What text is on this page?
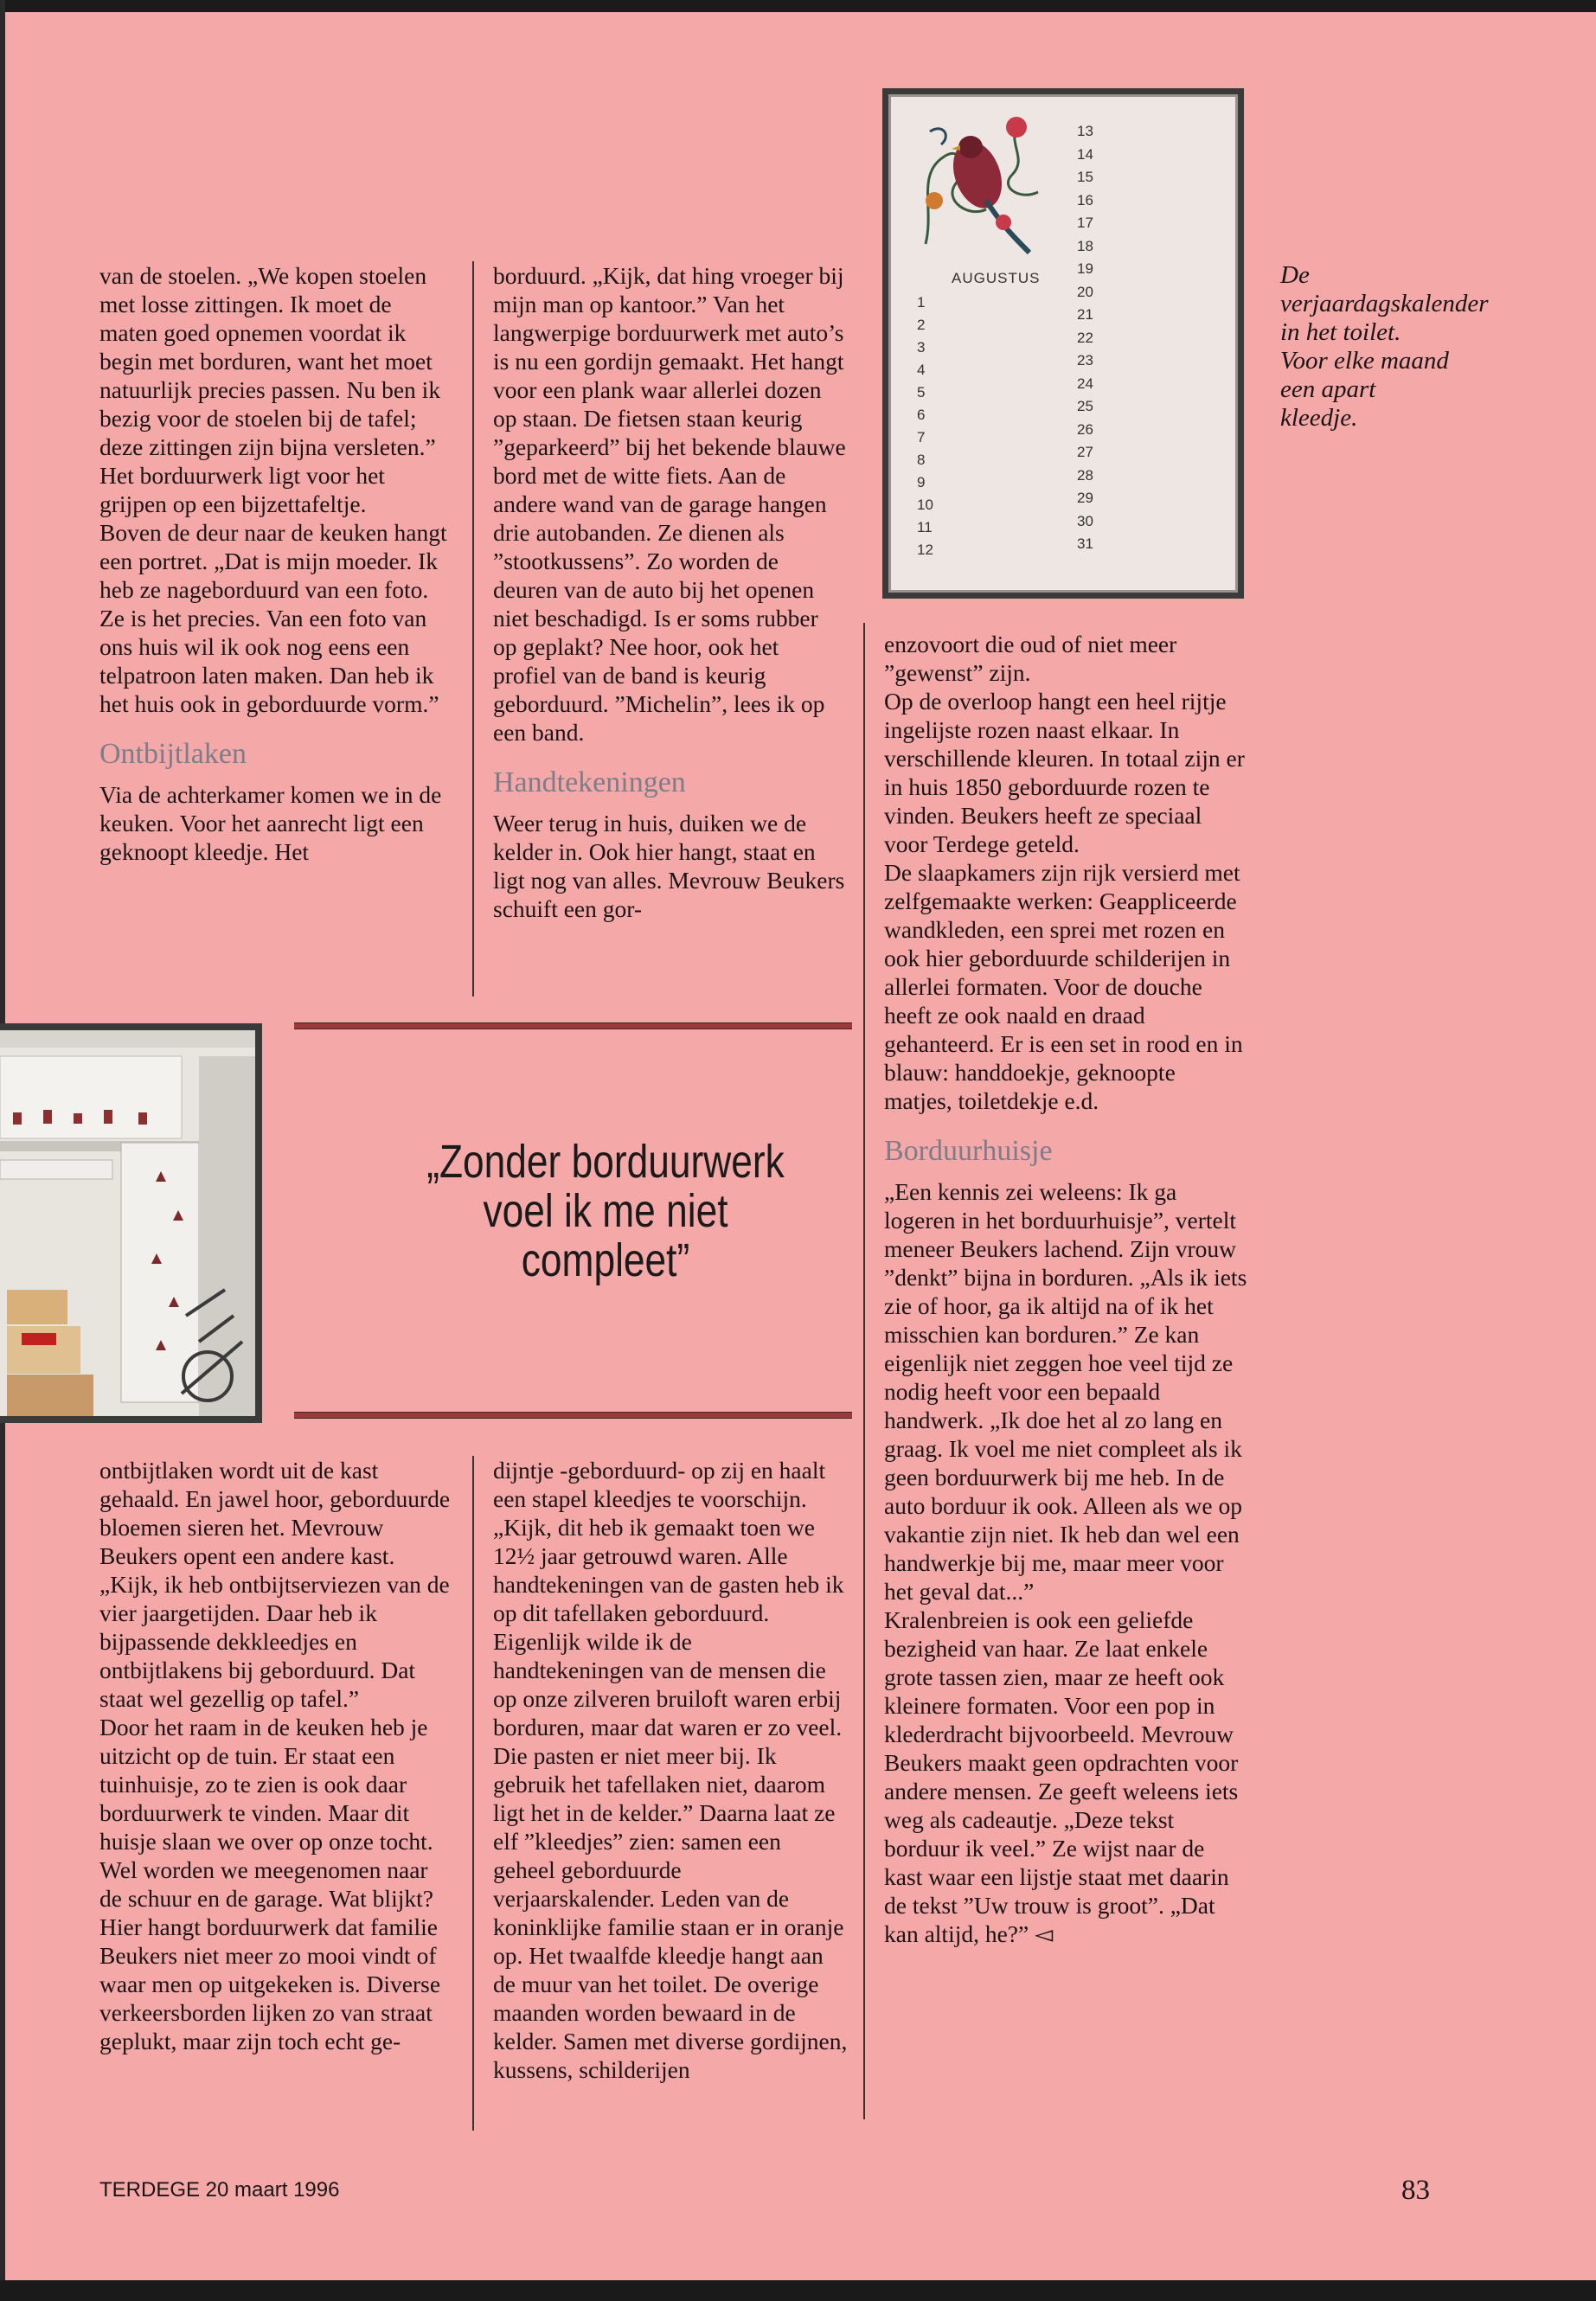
van de stoelen. „We kopen stoelen met losse zittingen. Ik moet de maten goed opnemen voordat ik begin met borduren, want het moet natuurlijk precies passen. Nu ben ik bezig voor de stoelen bij de tafel; deze zittingen zijn bijna versleten.” Het borduurwerk ligt voor het grijpen op een bijzettafeltje.

Boven de deur naar de keuken hangt een portret. „Dat is mijn moeder. Ik heb ze nageborduurd van een foto. Ze is het precies. Van een foto van ons huis wil ik ook nog eens een telpatroon laten maken. Dan heb ik het huis ook in geborduurde vorm.”

Ontbijtlaken

Via de achterkamer komen we in de keuken. Voor het aanrecht ligt een geknoopt kleedje. Het

borduurd. „Kijk, dat hing vroeger bij mijn man op kantoor.” Van het langwerpige borduurwerk met auto’s is nu een gordijn gemaakt. Het hangt voor een plank waar allerlei dozen op staan. De fietsen staan keurig ”geparkeerd” bij het bekende blauwe bord met de witte fiets. Aan de andere wand van de garage hangen drie autobanden. Ze dienen als ”stootkussens”. Zo worden de deuren van de auto bij het openen niet beschadigd. Is er soms rubber op geplakt? Nee hoor, ook het profiel van de band is keurig geborduurd. ”Michelin”, lees ik op een band.

Handtekeningen

Weer terug in huis, duiken we de kelder in. Ook hier hangt, staat en ligt nog van alles. Mevrouw Beukers schuift een gor-

AUGUSTUS
1
2
3
4
5
6
7
8
9
10
11
12
13
14
15
16
17
18
19
20
21
22
23
24
25
26
27
28
29
30
31
De verjaardagskalender in het toilet. Voor elke maand een apart kleedje.

enzovoort die oud of niet meer ”gewenst” zijn.

Op de overloop hangt een heel rijtje ingelijste rozen naast elkaar. In verschillende kleuren. In totaal zijn er in huis 1850 geborduurde rozen te vinden. Beukers heeft ze speciaal voor Terdege geteld.

De slaapkamers zijn rijk versierd met zelfgemaakte werken: Geappliceerde wandkleden, een sprei met rozen en ook hier geborduurde schilderijen in allerlei formaten. Voor de douche heeft ze ook naald en draad gehanteerd. Er is een set in rood en in blauw: handdoekje, geknoopte matjes, toiletdekje e.d.

Borduurhuisje

„Een kennis zei weleens: Ik ga logeren in het borduurhuisje”, vertelt meneer Beukers lachend. Zijn vrouw ”denkt” bijna in borduren. „Als ik iets zie of hoor, ga ik altijd na of ik het misschien kan borduren.” Ze kan eigenlijk niet zeggen hoe veel tijd ze nodig heeft voor een bepaald handwerk. „Ik doe het al zo lang en graag. Ik voel me niet compleet als ik geen borduurwerk bij me heb. In de auto borduur ik ook. Alleen als we op vakantie zijn niet. Ik heb dan wel een handwerkje bij me, maar meer voor het geval dat...”

Kralenbreien is ook een geliefde bezigheid van haar. Ze laat enkele grote tassen zien, maar ze heeft ook kleinere formaten. Voor een pop in klederdracht bijvoorbeeld. Mevrouw Beukers maakt geen opdrachten voor andere mensen. Ze geeft weleens iets weg als cadeautje. „Deze tekst borduur ik veel.” Ze wijst naar de kast waar een lijstje staat met daarin de tekst ”Uw trouw is groot”. „Dat kan altijd, he?” ◅

„Zonder borduurwerk voel ik me niet compleet”

ontbijtlaken wordt uit de kast gehaald. En jawel hoor, geborduurde bloemen sieren het. Mevrouw Beukers opent een andere kast. „Kijk, ik heb ontbijtserviezen van de vier jaargetijden. Daar heb ik bijpassende dekkleedjes en ontbijtlakens bij geborduurd. Dat staat wel gezellig op tafel.”

Door het raam in de keuken heb je uitzicht op de tuin. Er staat een tuinhuisje, zo te zien is ook daar borduurwerk te vinden. Maar dit huisje slaan we over op onze tocht. Wel worden we meegenomen naar de schuur en de garage. Wat blijkt? Hier hangt borduurwerk dat familie Beukers niet meer zo mooi vindt of waar men op uitgekeken is. Diverse verkeersborden lijken zo van straat geplukt, maar zijn toch echt ge-

dijntje -geborduurd- op zij en haalt een stapel kleedjes te voorschijn. „Kijk, dit heb ik gemaakt toen we 12½ jaar getrouwd waren. Alle handtekeningen van de gasten heb ik op dit tafellaken geborduurd. Eigenlijk wilde ik de handtekeningen van de mensen die op onze zilveren bruiloft waren erbij borduren, maar dat waren er zo veel. Die pasten er niet meer bij. Ik gebruik het tafellaken niet, daarom ligt het in de kelder.” Daarna laat ze elf ”kleedjes” zien: samen een geheel geborduurde verjaarskalender. Leden van de koninklijke familie staan er in oranje op. Het twaalfde kleedje hangt aan de muur van het toilet. De overige maanden worden bewaard in de kelder. Samen met diverse gordijnen, kussens, schilderijen

TERDEGE 20 maart 1996	83
